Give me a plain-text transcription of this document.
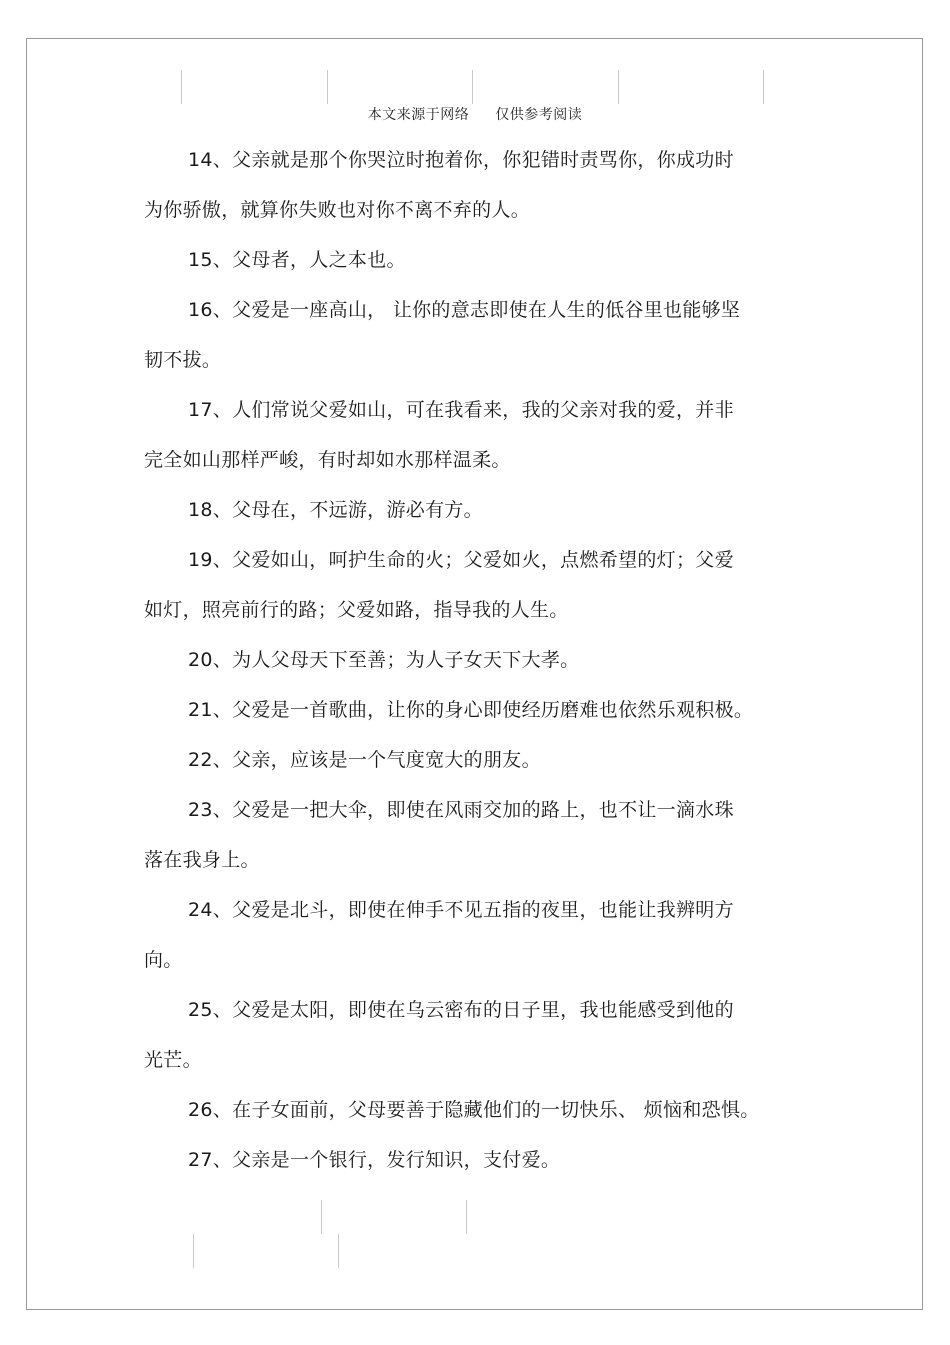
本文来源于网络 仅供参考阅读

14、父亲就是那个你哭泣时抱着你，你犯错时责骂你，你成功时
为你骄傲，就算你失败也对你不离不弃的人。

15、父母者，人之本也。

16、父爱是一座高山， 让你的意志即使在人生的低谷里也能够坚
韧不拔。

17、人们常说父爱如山，可在我看来，我的父亲对我的爱，并非
完全如山那样严峻，有时却如水那样温柔。

18、父母在，不远游，游必有方。

19、父爱如山，呵护生命的火；父爱如火，点燃希望的灯；父爱
如灯，照亮前行的路；父爱如路，指导我的人生。

20、为人父母天下至善；为人子女天下大孝。

21、父爱是一首歌曲，让你的身心即使经历磨难也依然乐观积极。

22、父亲，应该是一个气度宽大的朋友。

23、父爱是一把大伞，即使在风雨交加的路上，也不让一滴水珠
落在我身上。

24、父爱是北斗，即使在伸手不见五指的夜里，也能让我辨明方
向。

25、父爱是太阳，即使在乌云密布的日子里，我也能感受到他的
光芒。

26、在子女面前，父母要善于隐藏他们的一切快乐、 烦恼和恐惧。

27、父亲是一个银行，发行知识，支付爱。
